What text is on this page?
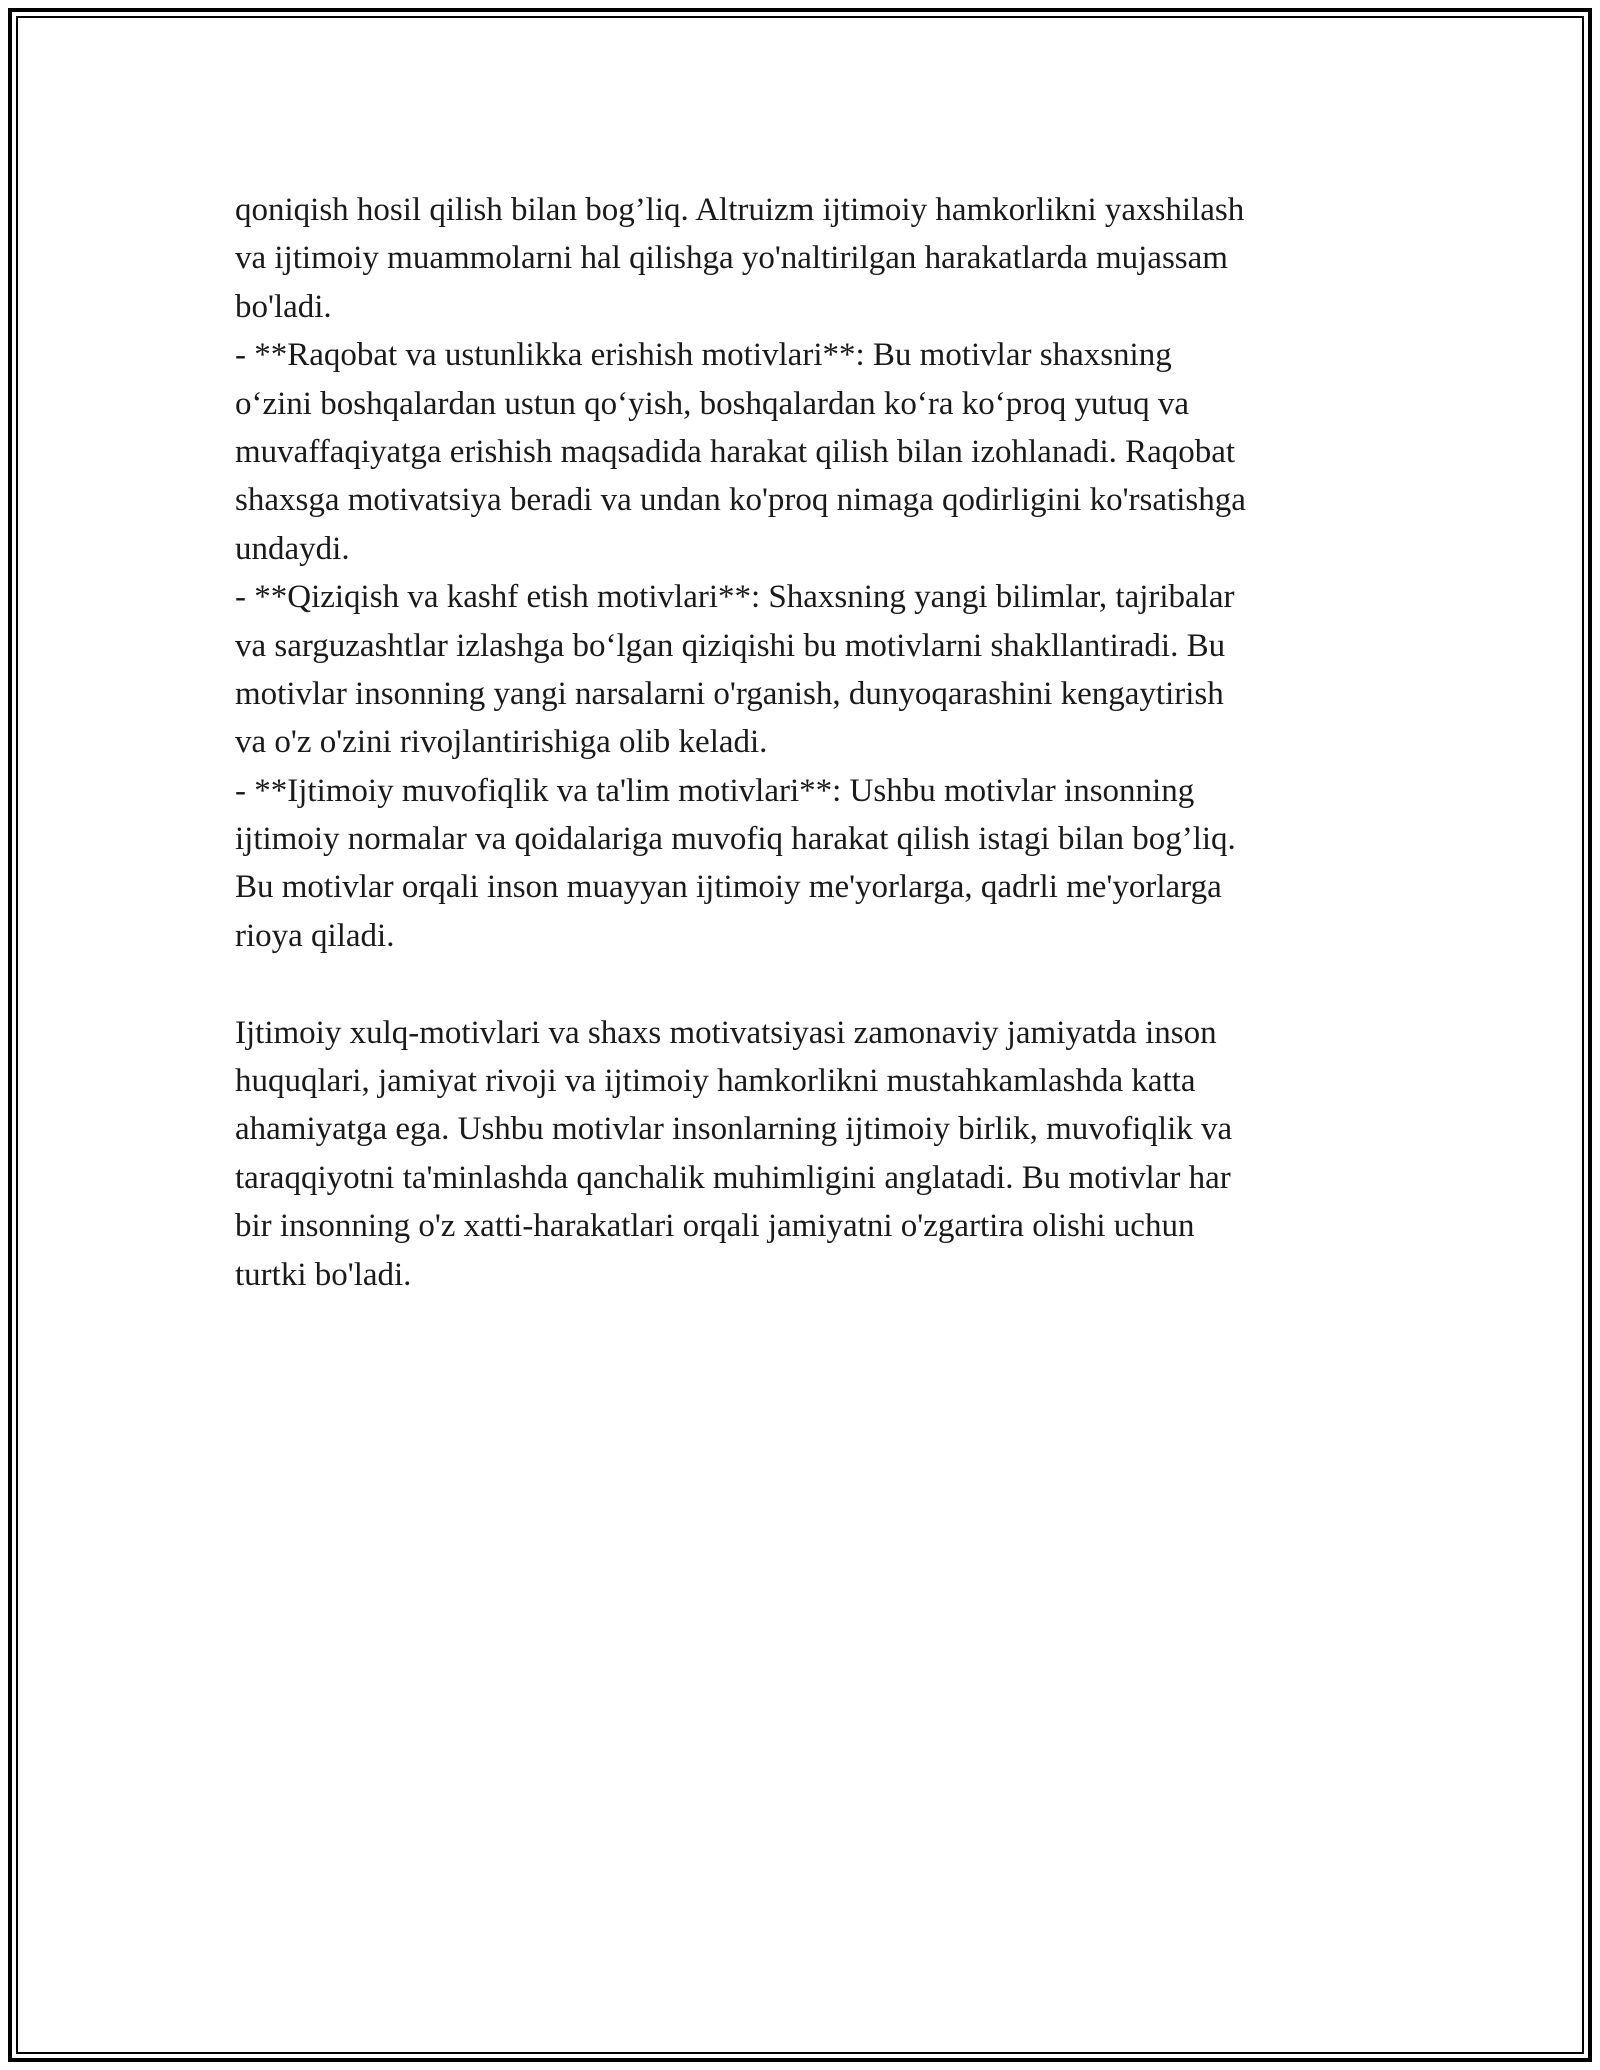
qoniqish hosil qilish bilan bog’liq. Altruizm ijtimoiy hamkorlikni yaxshilash
va ijtimoiy muammolarni hal qilishga yo'naltirilgan harakatlarda mujassam
bo'ladi.
- **Raqobat va ustunlikka erishish motivlari**: Bu motivlar shaxsning
o‘zini boshqalardan ustun qo‘yish, boshqalardan ko‘ra ko‘proq yutuq va
muvaffaqiyatga erishish maqsadida harakat qilish bilan izohlanadi. Raqobat
shaxsga motivatsiya beradi va undan ko'proq nimaga qodirligini ko'rsatishga
undaydi.
- **Qiziqish va kashf etish motivlari**: Shaxsning yangi bilimlar, tajribalar
va sarguzashtlar izlashga bo‘lgan qiziqishi bu motivlarni shakllantiradi. Bu
motivlar insonning yangi narsalarni o'rganish, dunyoqarashini kengaytirish
va o'z o'zini rivojlantirishiga olib keladi.
- **Ijtimoiy muvofiqlik va ta'lim motivlari**: Ushbu motivlar insonning
ijtimoiy normalar va qoidalariga muvofiq harakat qilish istagi bilan bog’liq.
Bu motivlar orqali inson muayyan ijtimoiy me'yorlarga, qadrli me'yorlarga
rioya qiladi.
Ijtimoiy xulq-motivlari va shaxs motivatsiyasi zamonaviy jamiyatda inson
huquqlari, jamiyat rivoji va ijtimoiy hamkorlikni mustahkamlashda katta
ahamiyatga ega. Ushbu motivlar insonlarning ijtimoiy birlik, muvofiqlik va
taraqqiyotni ta'minlashda qanchalik muhimligini anglatadi. Bu motivlar har
bir insonning o'z xatti-harakatlari orqali jamiyatni o'zgartira olishi uchun
turtki bo'ladi.
